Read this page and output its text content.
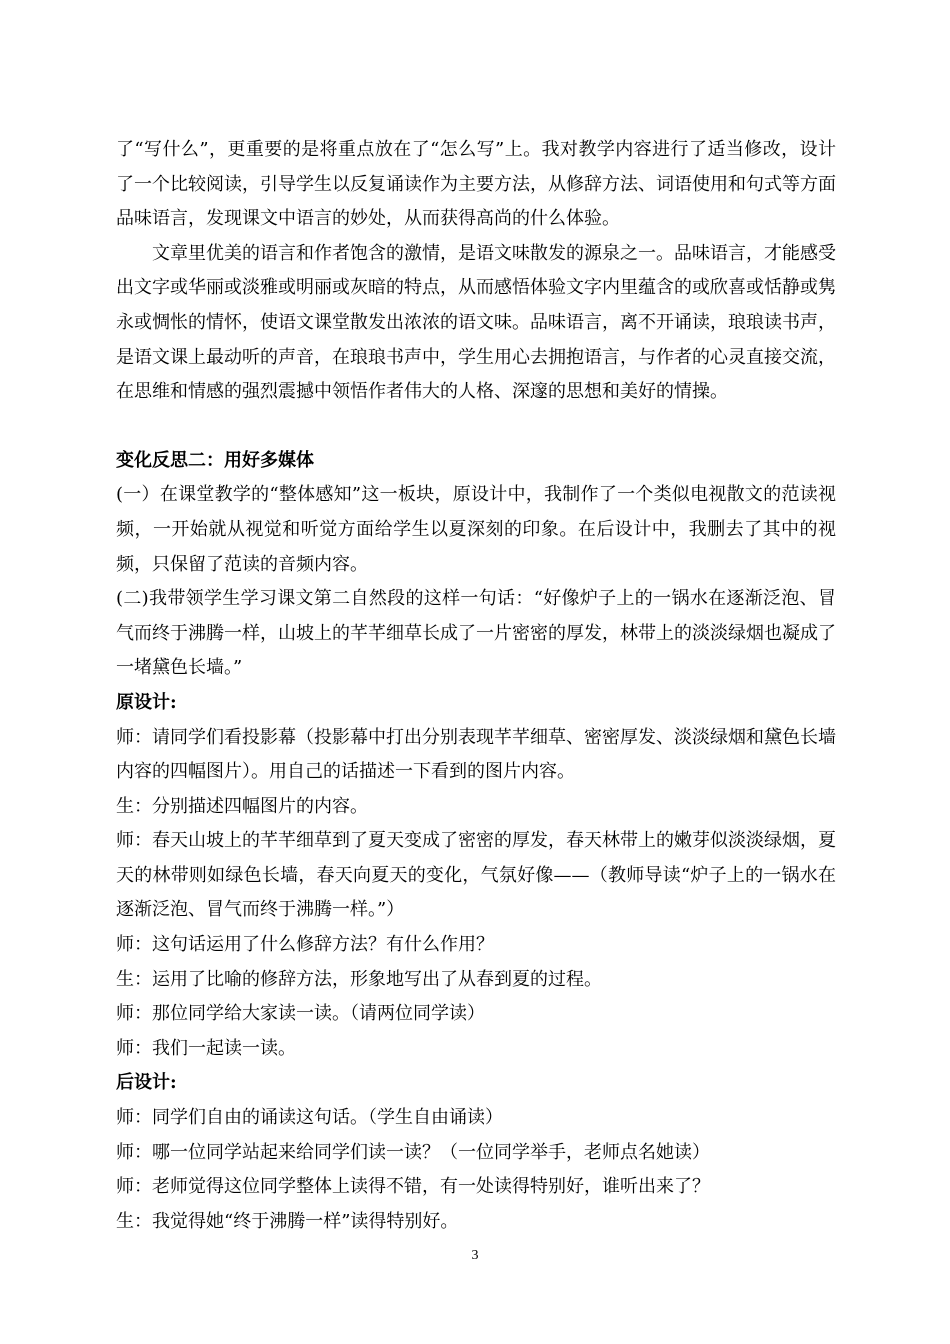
了“写什么”，更重要的是将重点放在了“怎么写”上。我对教学内容进行了适当修改，设计了一个比较阅读，引导学生以反复诵读作为主要方法，从修辞方法、词语使用和句式等方面品味语言，发现课文中语言的妙处，从而获得高尚的什么体验。

文章里优美的语言和作者饱含的激情，是语文味散发的源泉之一。品味语言，才能感受出文字或华丽或淡雅或明丽或灰暗的特点，从而感悟体验文字内里蕴含的或欣喜或恬静或隽永或惆怅的情怀，使语文课堂散发出浓浓的语文味。品味语言，离不开诵读，琅琅读书声，是语文课上最动听的声音，在琅琅书声中，学生用心去拥抱语言，与作者的心灵直接交流，在思维和情感的强烈震撼中领悟作者伟大的人格、深邃的思想和美好的情操。

变化反思二：用好多媒体

(一）在课堂教学的“整体感知”这一板块，原设计中，我制作了一个类似电视散文的范读视频，一开始就从视觉和听觉方面给学生以夏深刻的印象。在后设计中，我删去了其中的视频，只保留了范读的音频内容。

(二)我带领学生学习课文第二自然段的这样一句话：“好像炉子上的一锅水在逐渐泛泡、冒气而终于沸腾一样，山坡上的芊芊细草长成了一片密密的厚发，林带上的淡淡绿烟也凝成了一堵黛色长墙。”

原设计:

师：请同学们看投影幕（投影幕中打出分别表现芊芊细草、密密厚发、淡淡绿烟和黛色长墙内容的四幅图片）。用自己的话描述一下看到的图片内容。

生：分别描述四幅图片的内容。

师：春天山坡上的芊芊细草到了夏天变成了密密的厚发，春天林带上的嫩芽似淡淡绿烟，夏天的林带则如绿色长墙，春天向夏天的变化，气氛好像——（教师导读“炉子上的一锅水在逐渐泛泡、冒气而终于沸腾一样。”）

师：这句话运用了什么修辞方法？有什么作用？

生：运用了比喻的修辞方法，形象地写出了从春到夏的过程。

师：那位同学给大家读一读。（请两位同学读）

师：我们一起读一读。

后设计:

师：同学们自由的诵读这句话。（学生自由诵读）

师：哪一位同学站起来给同学们读一读？（一位同学举手，老师点名她读）

师：老师觉得这位同学整体上读得不错，有一处读得特别好，谁听出来了？

生：我觉得她“终于沸腾一样”读得特别好。

3
